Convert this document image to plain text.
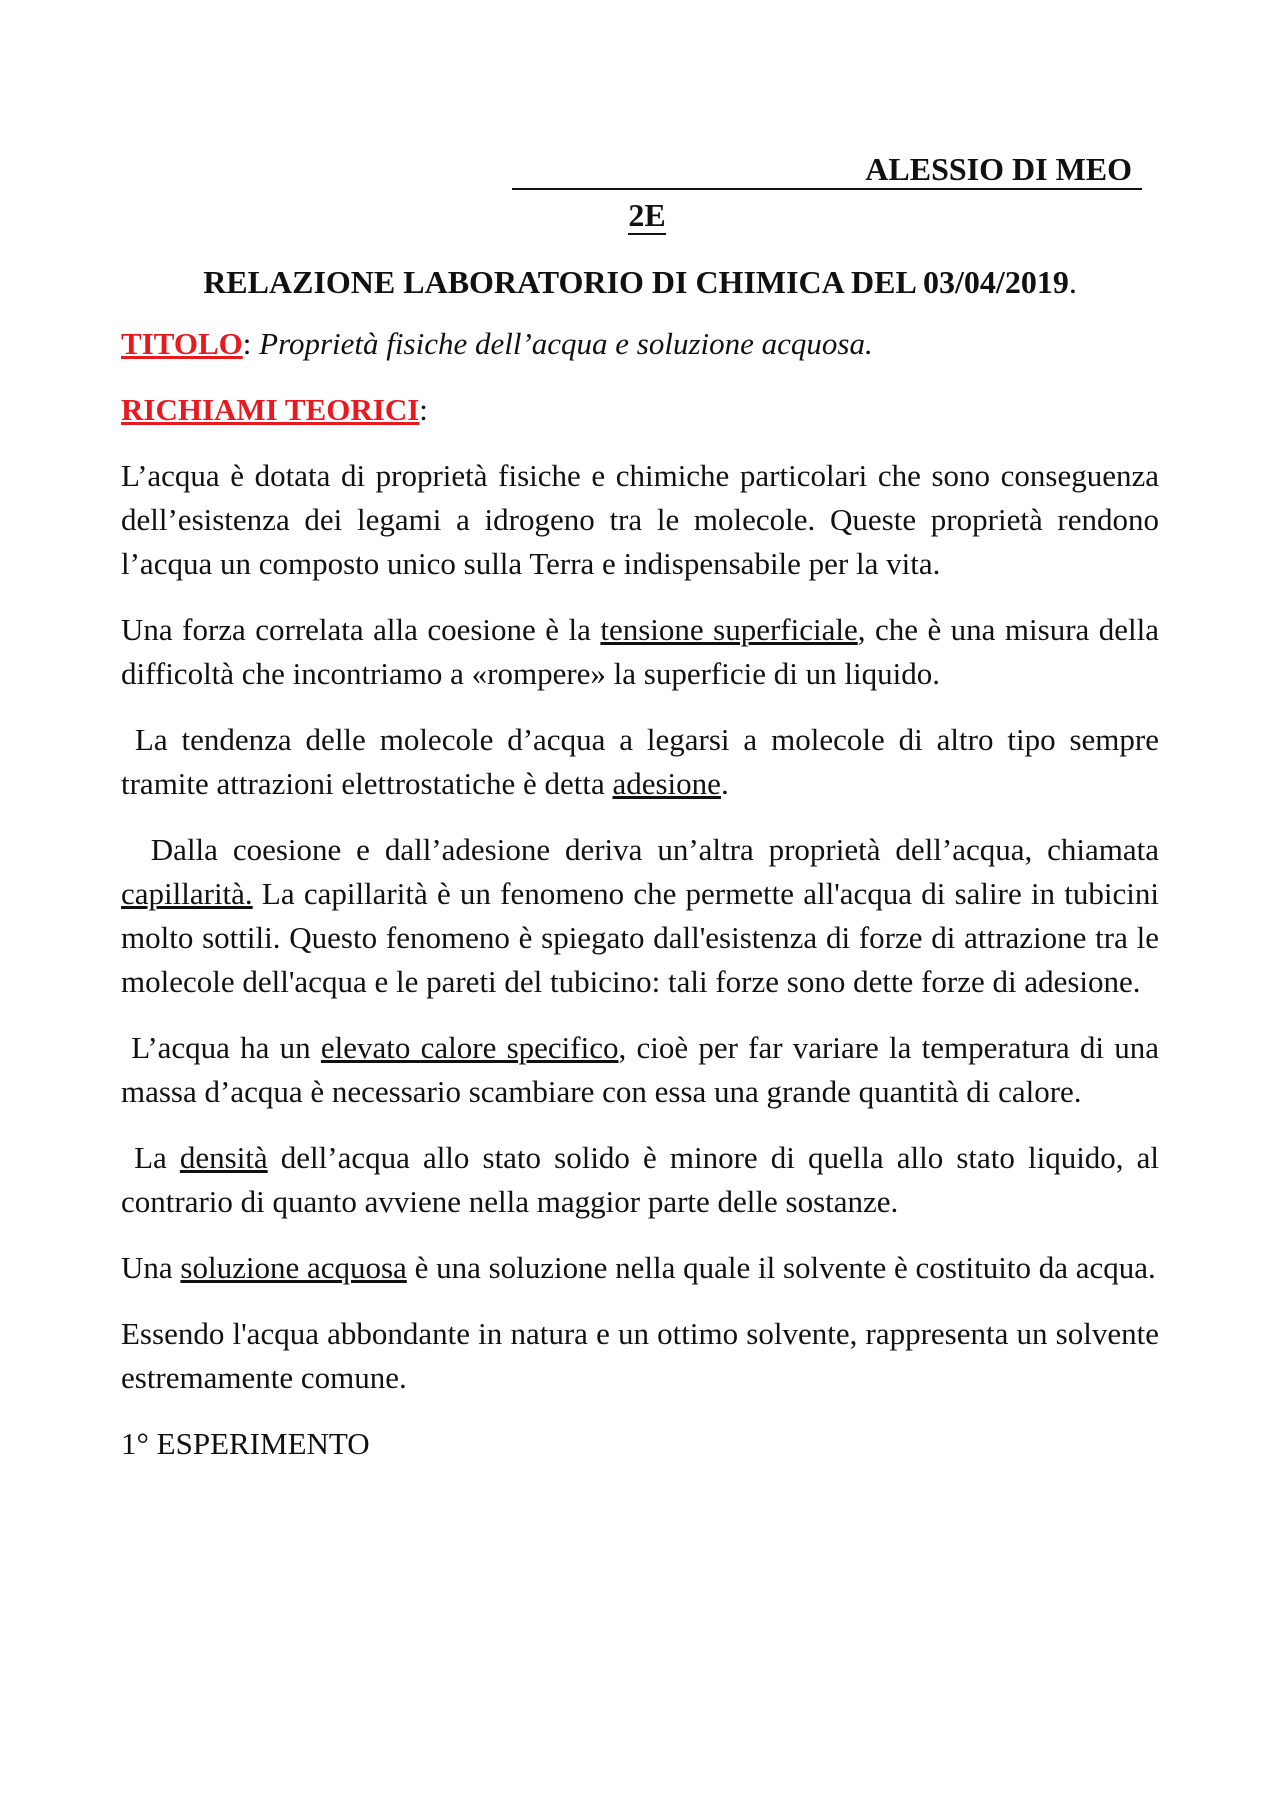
ALESSIO DI MEO
2E
RELAZIONE LABORATORIO DI CHIMICA DEL 03/04/2019.

TITOLO: Proprietà fisiche dell’acqua e soluzione acquosa.

RICHIAMI TEORICI:

L’acqua è dotata di proprietà fisiche e chimiche particolari che sono conseguenza dell’esistenza dei legami a idrogeno tra le molecole. Queste proprietà rendono l’acqua un composto unico sulla Terra e indispensabile per la vita.

Una forza correlata alla coesione è la tensione superficiale, che è una misura della difficoltà che incontriamo a «rompere» la superficie di un liquido.

La tendenza delle molecole d’acqua a legarsi a molecole di altro tipo sempre tramite attrazioni elettrostatiche è detta adesione.

Dalla coesione e dall’adesione deriva un’altra proprietà dell’acqua, chiamata capillarità. La capillarità è un fenomeno che permette all'acqua di salire in tubicini molto sottili. Questo fenomeno è spiegato dall'esistenza di forze di attrazione tra le molecole dell'acqua e le pareti del tubicino: tali forze sono dette forze di adesione.

L’acqua ha un elevato calore specifico, cioè per far variare la temperatura di una massa d’acqua è necessario scambiare con essa una grande quantità di calore.

La densità dell’acqua allo stato solido è minore di quella allo stato liquido, al contrario di quanto avviene nella maggior parte delle sostanze.

Una soluzione acquosa è una soluzione nella quale il solvente è costituito da acqua.

Essendo l'acqua abbondante in natura e un ottimo solvente, rappresenta un solvente estremamente comune.

1° ESPERIMENTO
